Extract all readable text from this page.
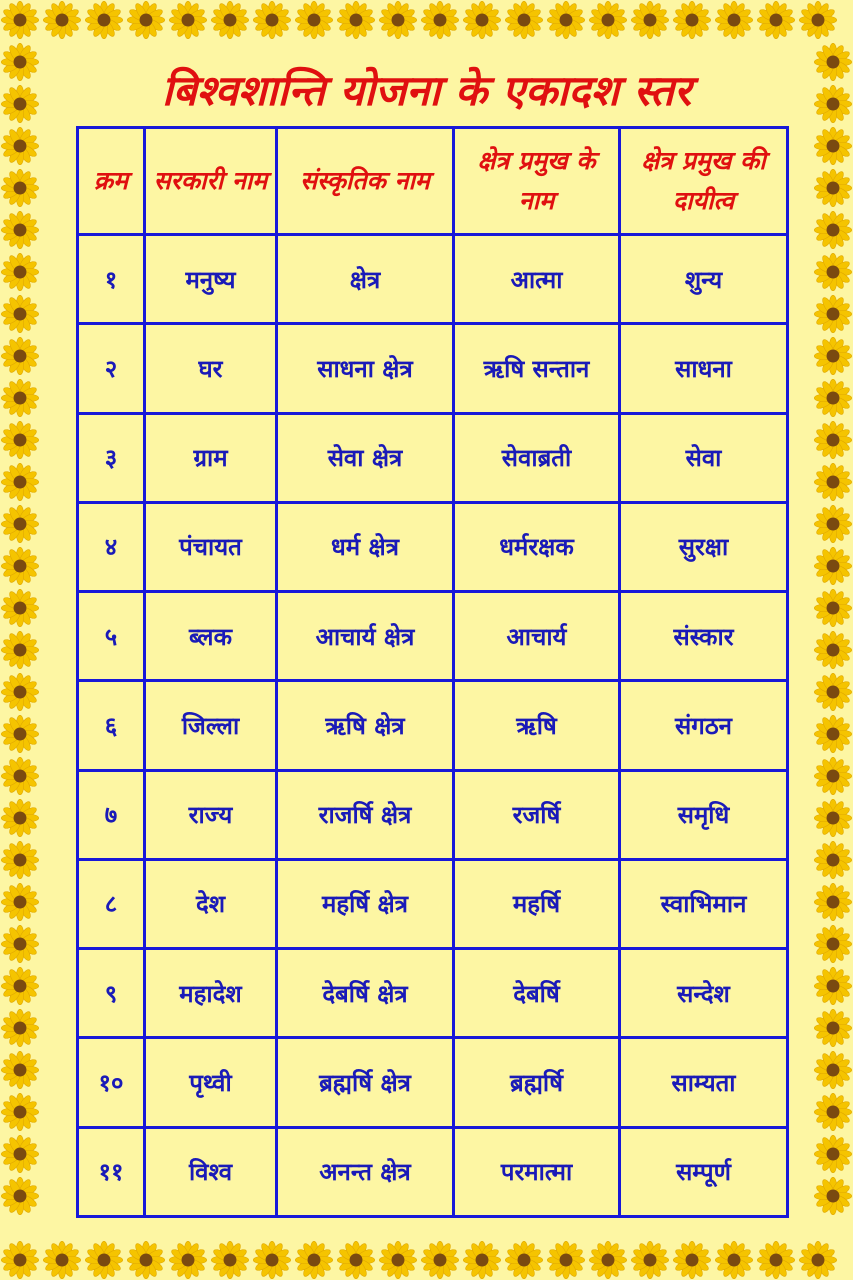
बिश्वशान्ति योजना के एकादश स्तर
क्रम	सरकारी नाम	संस्कृतिक नाम	क्षेत्र प्रमुख के नाम	क्षेत्र प्रमुख की दायीत्व
१	मनुष्य	क्षेत्र	आत्मा	शुन्य
२	घर	साधना क्षेत्र	ऋषि सन्तान	साधना
३	ग्राम	सेवा क्षेत्र	सेवाब्रती	सेवा
४	पंचायत	धर्म क्षेत्र	धर्मरक्षक	सुरक्षा
५	ब्लक	आचार्य क्षेत्र	आचार्य	संस्कार
६	जिल्ला	ऋषि क्षेत्र	ऋषि	संगठन
७	राज्य	राजर्षि क्षेत्र	रजर्षि	समृधि
८	देश	महर्षि क्षेत्र	महर्षि	स्वाभिमान
९	महादेश	देबर्षि क्षेत्र	देबर्षि	सन्देश
१०	पृथ्वी	ब्रह्मर्षि क्षेत्र	ब्रह्मर्षि	साम्यता
११	विश्व	अनन्त क्षेत्र	परमात्मा	सम्पूर्ण
